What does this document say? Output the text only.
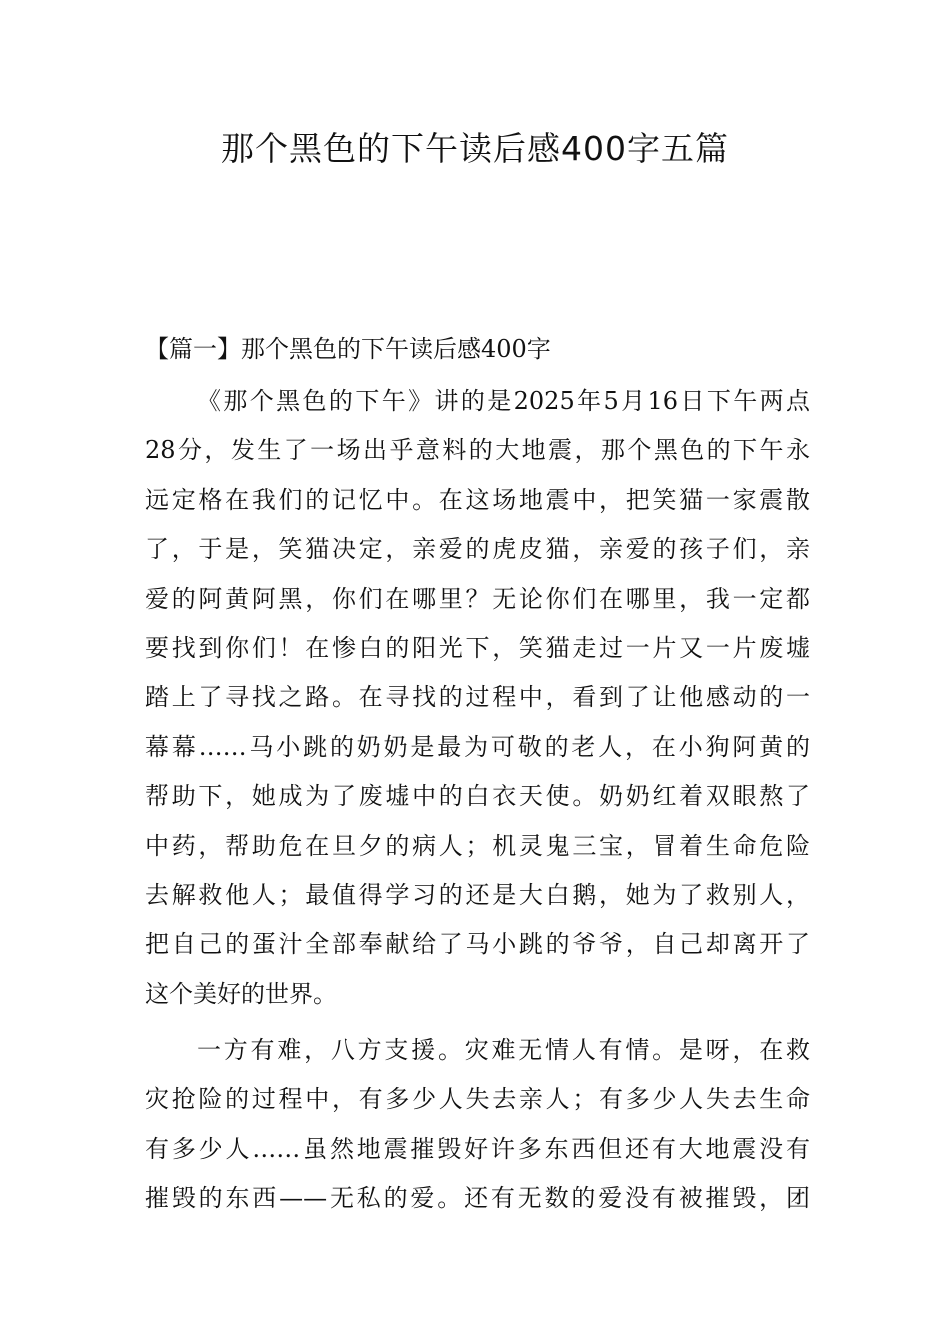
那个黑色的下午读后感400字五篇
【篇一】那个黑色的下午读后感400字
《那个黑色的下午》讲的是2025年5月16日下午两点
28分，发生了一场出乎意料的大地震，那个黑色的下午永
远定格在我们的记忆中。在这场地震中，把笑猫一家震散
了，于是，笑猫决定，亲爱的虎皮猫，亲爱的孩子们，亲
爱的阿黄阿黑，你们在哪里？无论你们在哪里，我一定都
要找到你们！在惨白的阳光下，笑猫走过一片又一片废墟
踏上了寻找之路。在寻找的过程中，看到了让他感动的一
幕幕……马小跳的奶奶是最为可敬的老人，在小狗阿黄的
帮助下，她成为了废墟中的白衣天使。奶奶红着双眼熬了
中药，帮助危在旦夕的病人；机灵鬼三宝，冒着生命危险
去解救他人；最值得学习的还是大白鹅，她为了救别人，
把自己的蛋汁全部奉献给了马小跳的爷爷，自己却离开了
这个美好的世界。
一方有难，八方支援。灾难无情人有情。是呀，在救
灾抢险的过程中，有多少人失去亲人；有多少人失去生命
有多少人……虽然地震摧毁好许多东西但还有大地震没有
摧毁的东西——无私的爱。还有无数的爱没有被摧毁，团
